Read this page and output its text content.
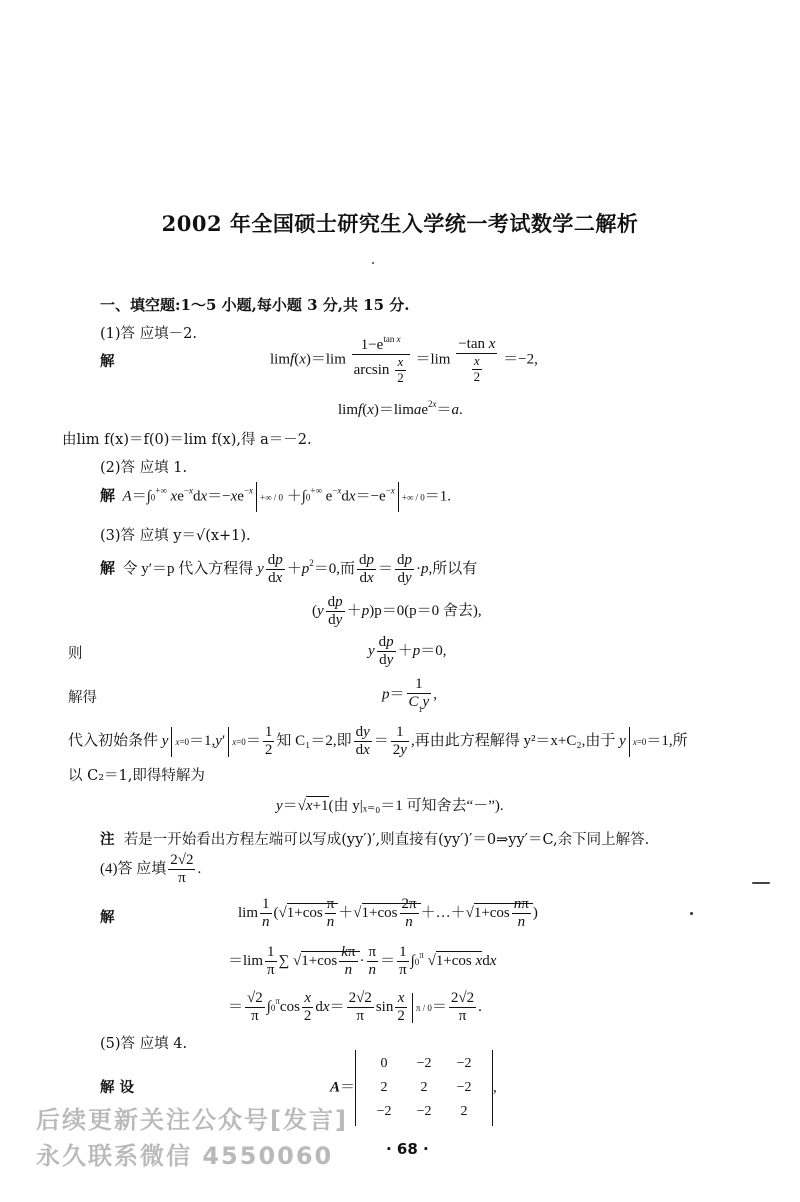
2002 年全国硕士研究生入学统一考试数学二解析
一、填空题:1～5 小题,每小题 3 分,共 15 分.
(1)答 应填－2.
解	$\lim f(x)=\lim \frac{1-e^{tan x}}{\arcsin \frac{x}{2}} =\lim \frac{\text{−tan x}}{\frac{x}{2}} =-2$,
limf(x)＝limae$^{2x}$＝a.
由lim f(x)＝f(0)＝lim f(x),得 a＝－2.
(2)答 应填 1.
解 A＝∫0+∞ $xe^{-x}dx=-xe^{-x}+\infty / 0 +\int 0^{+\infty}$ $e^{-x}dx=-e^{-x}+\infty / 0=1$.
(3)答 应填 y＝√(x+1).
解 令 y′＝p 代入方程得 y $\frac{dp}{dx} +p^2=0$,而 $\frac{dp}{dx} = \frac{dp}{dy} \cdot p$,所以有
$(y \frac{dp}{dy} +p)p=0(p=0$ 舍去),
则	y $\frac{dp}{dy} +p=0$,
解得	$p= \frac{1}{C_1y}$ ,
代入初始条件 y x=0＝1,y′ $x=0= \frac{1}{2}$ 知 C₁＝2,即 $\frac{dy}{dx} = \frac{1}{2y}$ ,再由此方程解得 y²＝x+C₂,由于 y x=0＝1,所
以 C₂＝1,即得特解为
y＝√x+1(由 y|ₓ₌₀＝1 可知舍去“－”).
注 若是一开始看出方程左端可以写成(yy′)′,则直接有(yy′)′＝0⇒yy′＝C,余下同上解答.
(4)答 应填 $\frac{2√2}{\pi}$ .
解	$\lim \frac{1}{n} (√1+\cos \frac{\pi}{n} +√1+\cos \frac{2\pi}{n}$ ＋…＋√1+cos $\frac{n\pi}{n}$ )
$=\lim \frac{1}{\pi}$ ∑ $√1+\cos \frac{k\pi}{n} \cdot \frac{\pi}{n} = \frac{1}{\pi} \int 0^\pi$ √1+cos xdx
＝ $\frac{√2}{\pi} \int 0^\pi\cos \frac{x}{2} dx= \frac{2√2}{\pi}$ $\sin \frac{x}{2}$ $\pi / 0= \frac{2√2}{\pi}$ .
(5)答 应填 4.
解 设	A＝
0	−2	−2
2	2	−2
−2	−2	2
,
后续更新关注公众号[发言]
永久联系微信 4550060	· 68 ·
